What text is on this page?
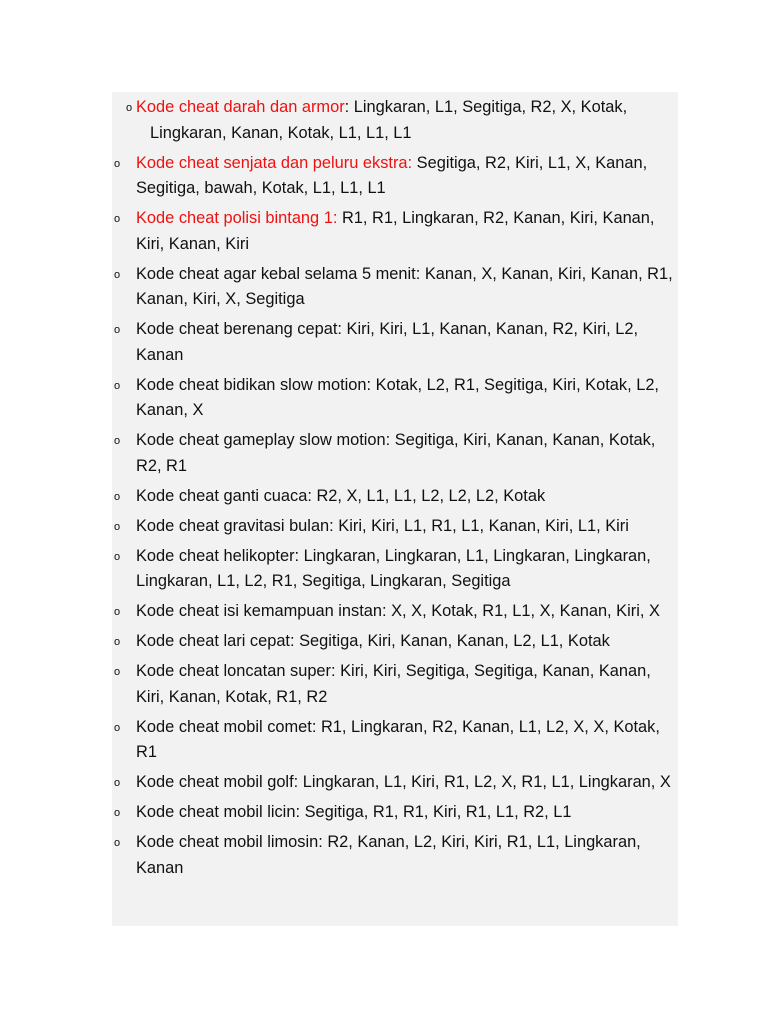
o Kode cheat darah dan armor: Lingkaran, L1, Segitiga, R2, X, Kotak,
Lingkaran, Kanan, Kotak, L1, L1, L1
o Kode cheat senjata dan peluru ekstra: Segitiga, R2, Kiri, L1, X, Kanan, Segitiga, bawah, Kotak, L1, L1, L1
o Kode cheat polisi bintang 1: R1, R1, Lingkaran, R2, Kanan, Kiri, Kanan, Kiri, Kanan, Kiri
o Kode cheat agar kebal selama 5 menit: Kanan, X, Kanan, Kiri, Kanan, R1, Kanan, Kiri, X, Segitiga
o Kode cheat berenang cepat: Kiri, Kiri, L1, Kanan, Kanan, R2, Kiri, L2, Kanan
o Kode cheat bidikan slow motion: Kotak, L2, R1, Segitiga, Kiri, Kotak, L2, Kanan, X
o Kode cheat gameplay slow motion: Segitiga, Kiri, Kanan, Kanan, Kotak, R2, R1
o Kode cheat ganti cuaca: R2, X, L1, L1, L2, L2, L2, Kotak
o Kode cheat gravitasi bulan: Kiri, Kiri, L1, R1, L1, Kanan, Kiri, L1, Kiri
o Kode cheat helikopter: Lingkaran, Lingkaran, L1, Lingkaran, Lingkaran, Lingkaran, L1, L2, R1, Segitiga, Lingkaran, Segitiga
o Kode cheat isi kemampuan instan: X, X, Kotak, R1, L1, X, Kanan, Kiri, X
o Kode cheat lari cepat: Segitiga, Kiri, Kanan, Kanan, L2, L1, Kotak
o Kode cheat loncatan super: Kiri, Kiri, Segitiga, Segitiga, Kanan, Kanan, Kiri, Kanan, Kotak, R1, R2
o Kode cheat mobil comet: R1, Lingkaran, R2, Kanan, L1, L2, X, X, Kotak, R1
o Kode cheat mobil golf: Lingkaran, L1, Kiri, R1, L2, X, R1, L1, Lingkaran, X
o Kode cheat mobil licin: Segitiga, R1, R1, Kiri, R1, L1, R2, L1
o Kode cheat mobil limosin: R2, Kanan, L2, Kiri, Kiri, R1, L1, Lingkaran, Kanan
